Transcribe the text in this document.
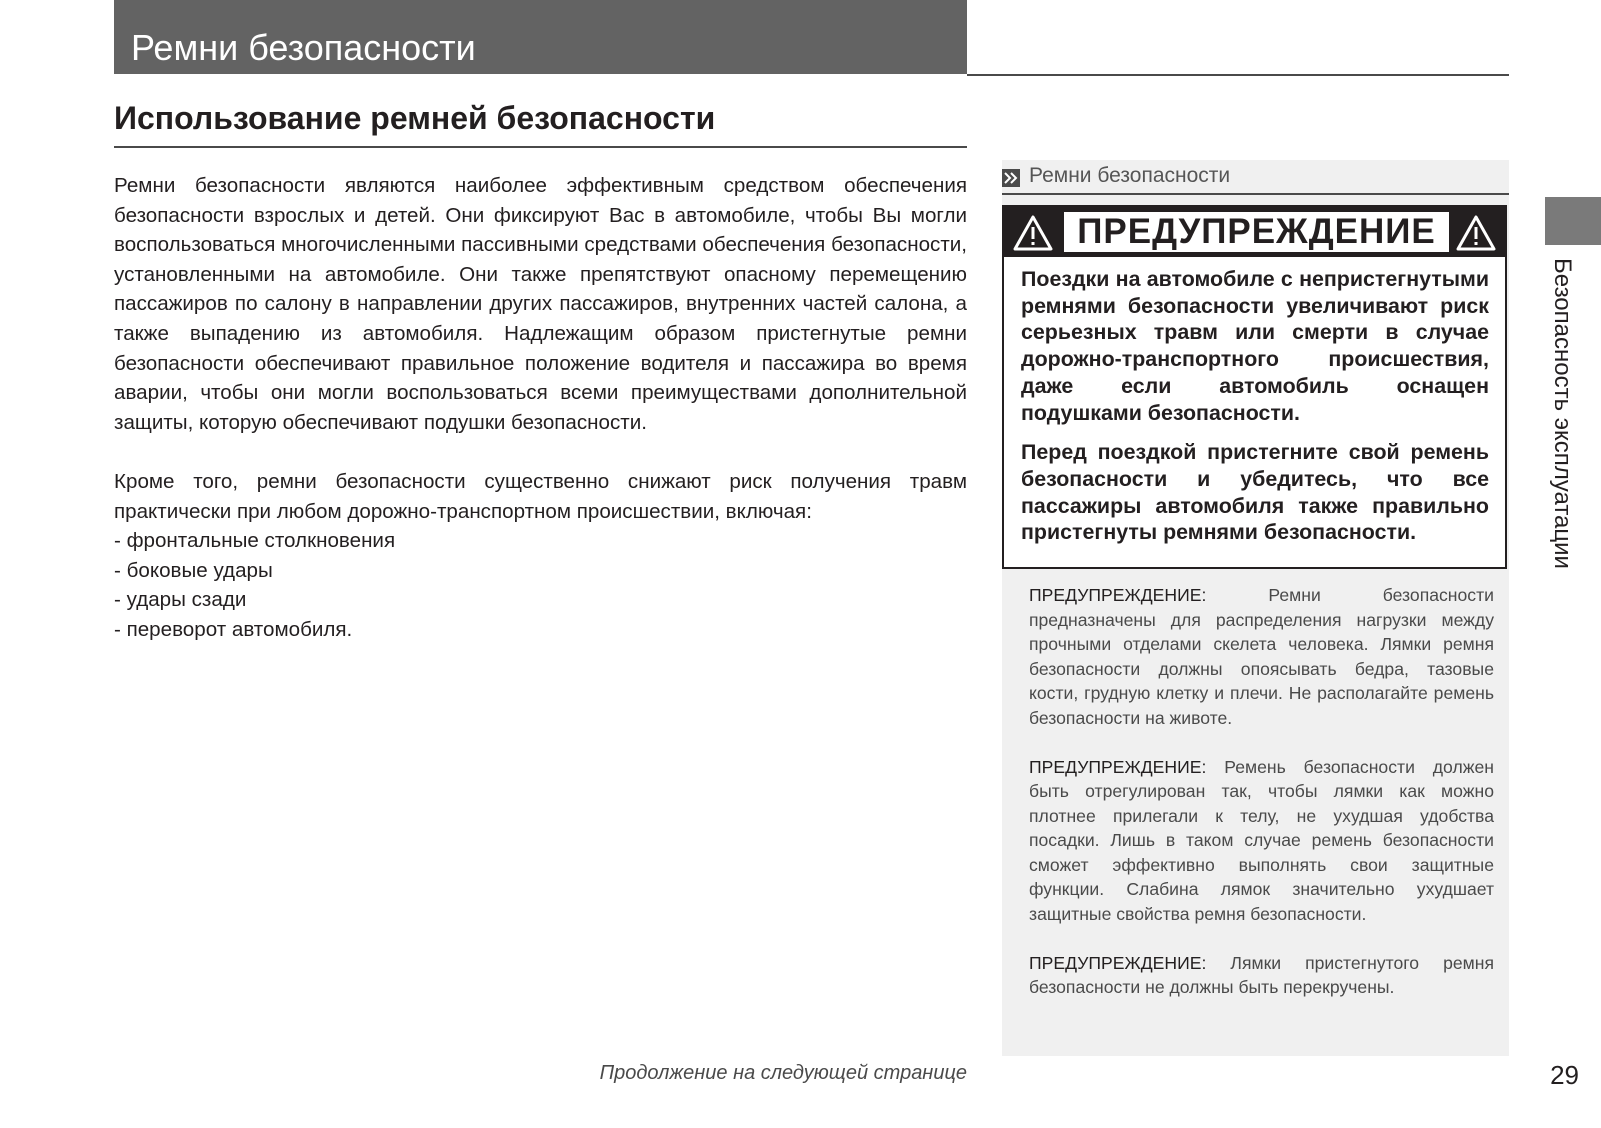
Ремни безопасности
Использование ремней безопасности

Ремни безопасности являются наиболее эффективным средством обеспечения безопасности взрослых и детей. Они фиксируют Вас в автомобиле, чтобы Вы могли воспользоваться многочисленными пассивными средствами обеспечения безопасности, установленными на автомобиле. Они также препятствуют опасному перемещению пассажиров по салону в направлении других пассажиров, внутренних частей салона, а также выпадению из автомобиля. Надлежащим образом пристегнутые ремни безопасности обеспечивают правильное положение водителя и пассажира во время аварии, чтобы они могли воспользоваться всеми преимуществами дополнительной защиты, которую обеспечивают подушки безопасности.

Кроме того, ремни безопасности существенно снижают риск получения травм практически при любом дорожно-транспортном происшествии, включая:

- фронтальные столкновения
- боковые удары
- удары сзади
- переворот автомобиля.
Ремни безопасности
ПРЕДУПРЕЖДЕНИЕ

Поездки на автомобиле с непристегнутыми ремнями безопасности увеличивают риск серьезных травм или смерти в случае дорожно-транспортного происшествия, даже если автомобиль оснащен подушками безопасности.

Перед поездкой пристегните свой ремень безопасности и убедитесь, что все пассажиры автомобиля также правильно пристегнуты ремнями безопасности.

ПРЕДУПРЕЖДЕНИЕ: Ремни безопасности предназначены для распределения нагрузки между прочными отделами скелета человека. Лямки ремня безопасности должны опоясывать бедра, тазовые кости, грудную клетку и плечи. Не располагайте ремень безопасности на животе.

ПРЕДУПРЕЖДЕНИЕ: Ремень безопасности должен быть отрегулирован так, чтобы лямки как можно плотнее прилегали к телу, не ухудшая удобства посадки. Лишь в таком случае ремень безопасности сможет эффективно выполнять свои защитные функции. Слабина лямок значительно ухудшает защитные свойства ремня безопасности.

ПРЕДУПРЕЖДЕНИЕ: Лямки пристегнутого ремня безопасности не должны быть перекручены.

Продолжение на следующей странице
Безопасность эксплуатации
29
